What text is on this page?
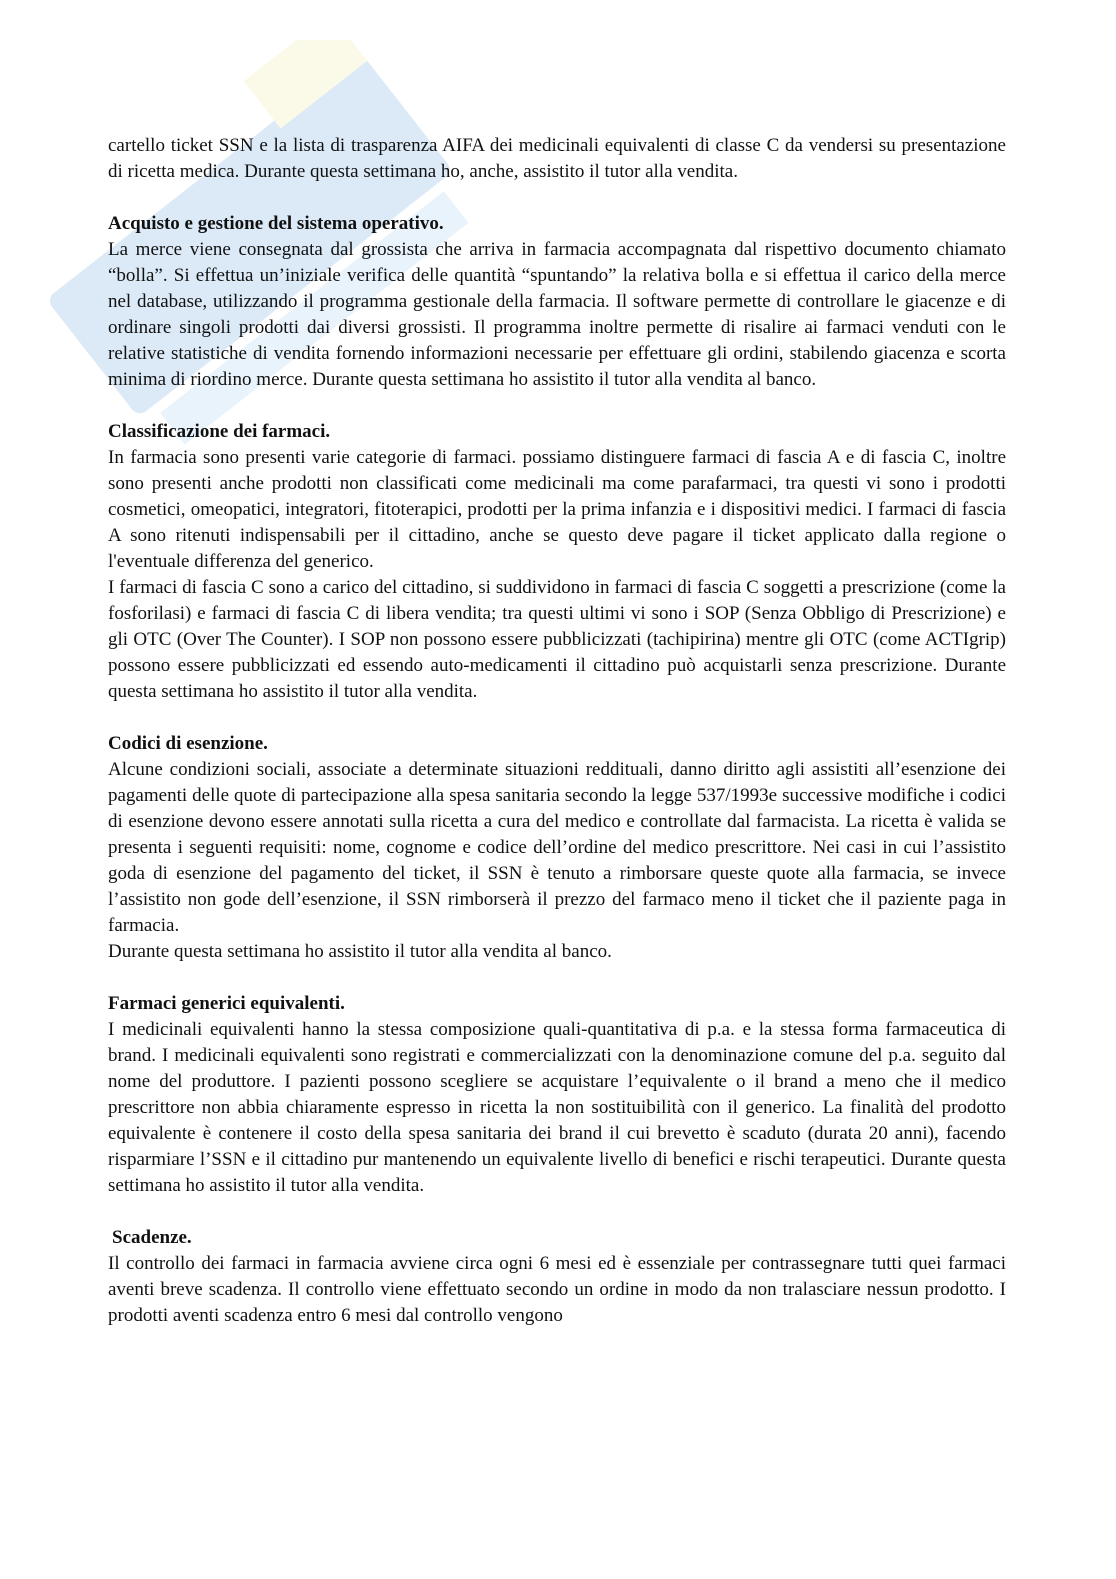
cartello ticket SSN e la lista di trasparenza AIFA dei medicinali equivalenti di classe C da vendersi su presentazione di ricetta medica. Durante questa settimana ho, anche, assistito il tutor alla vendita.

Acquisto e gestione del sistema operativo.

La merce viene consegnata dal grossista che arriva in farmacia accompagnata dal rispettivo documento chiamato “bolla”. Si effettua un’iniziale verifica delle quantità “spuntando” la relativa bolla e si effettua il carico della merce nel database, utilizzando il programma gestionale della farmacia. Il software permette di controllare le giacenze e di ordinare singoli prodotti dai diversi grossisti. Il programma inoltre permette di risalire ai farmaci venduti con le relative statistiche di vendita fornendo informazioni necessarie per effettuare gli ordini, stabilendo giacenza e scorta minima di riordino merce. Durante questa settimana ho assistito il tutor alla vendita al banco.

Classificazione dei farmaci.

In farmacia sono presenti varie categorie di farmaci. possiamo distinguere farmaci di fascia A e di fascia C, inoltre sono presenti anche prodotti non classificati come medicinali ma come parafarmaci, tra questi vi sono i prodotti cosmetici, omeopatici, integratori, fitoterapici, prodotti per la prima infanzia e i dispositivi medici. I farmaci di fascia A sono ritenuti indispensabili per il cittadino, anche se questo deve pagare il ticket applicato dalla regione o l'eventuale differenza del generico.

I farmaci di fascia C sono a carico del cittadino, si suddividono in farmaci di fascia C soggetti a prescrizione (come la fosforilasi) e farmaci di fascia C di libera vendita; tra questi ultimi vi sono i SOP (Senza Obbligo di Prescrizione) e gli OTC (Over The Counter). I SOP non possono essere pubblicizzati (tachipirina) mentre gli OTC (come ACTIgrip) possono essere pubblicizzati ed essendo auto-medicamenti il cittadino può acquistarli senza prescrizione. Durante questa settimana ho assistito il tutor alla vendita.

Codici di esenzione.

Alcune condizioni sociali, associate a determinate situazioni reddituali, danno diritto agli assistiti all’esenzione dei pagamenti delle quote di partecipazione alla spesa sanitaria secondo la legge 537/1993e successive modifiche i codici di esenzione devono essere annotati sulla ricetta a cura del medico e controllate dal farmacista. La ricetta è valida se presenta i seguenti requisiti: nome, cognome e codice dell’ordine del medico prescrittore. Nei casi in cui l’assistito goda di esenzione del pagamento del ticket, il SSN è tenuto a rimborsare queste quote alla farmacia, se invece l’assistito non gode dell’esenzione, il SSN rimborserà il prezzo del farmaco meno il ticket che il paziente paga in farmacia.

Durante questa settimana ho assistito il tutor alla vendita al banco.

Farmaci generici equivalenti.

I medicinali equivalenti hanno la stessa composizione quali-quantitativa di p.a. e la stessa forma farmaceutica di brand. I medicinali equivalenti sono registrati e commercializzati con la denominazione comune del p.a. seguito dal nome del produttore. I pazienti possono scegliere se acquistare l’equivalente o il brand a meno che il medico prescrittore non abbia chiaramente espresso in ricetta la non sostituibilità con il generico. La finalità del prodotto equivalente è contenere il costo della spesa sanitaria dei brand il cui brevetto è scaduto (durata 20 anni), facendo risparmiare l’SSN e il cittadino pur mantenendo un equivalente livello di benefici e rischi terapeutici. Durante questa settimana ho assistito il tutor alla vendita.

Scadenze.

Il controllo dei farmaci in farmacia avviene circa ogni 6 mesi ed è essenziale per contrassegnare tutti quei farmaci aventi breve scadenza. Il controllo viene effettuato secondo un ordine in modo da non tralasciare nessun prodotto. I prodotti aventi scadenza entro 6 mesi dal controllo vengono
